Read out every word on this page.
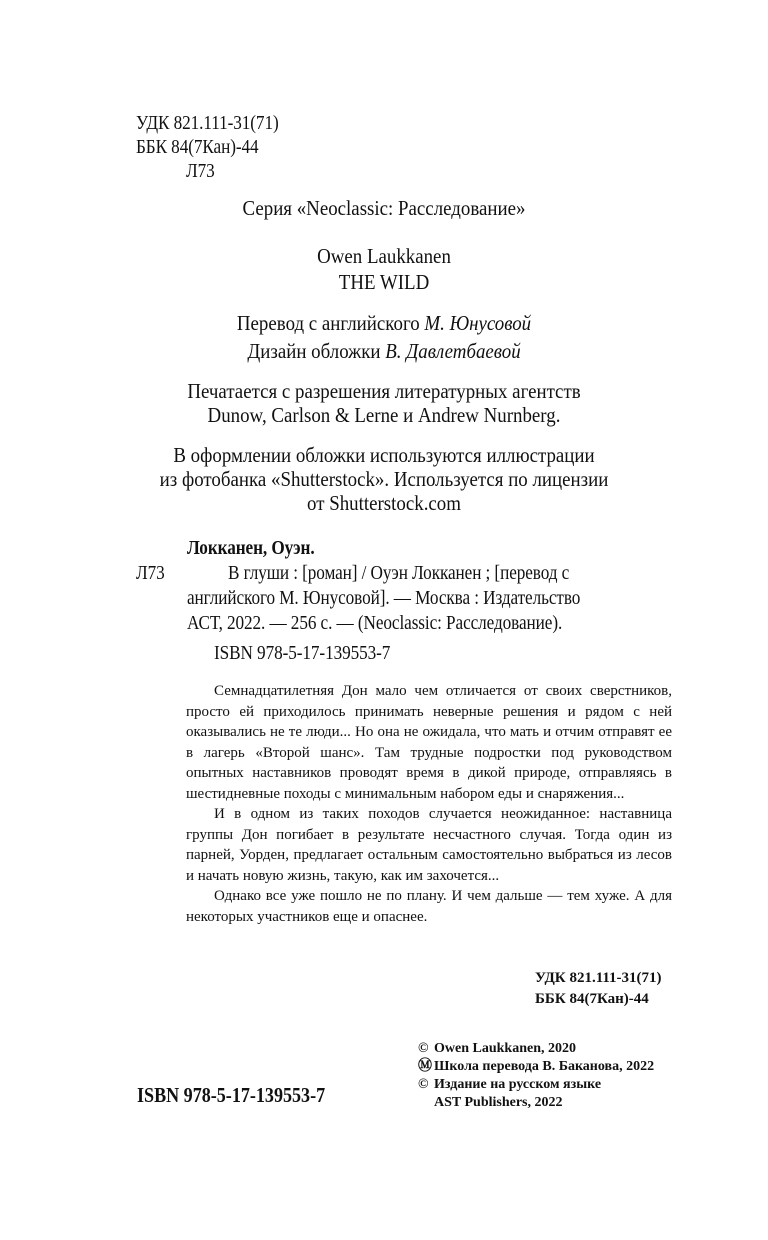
УДК 821.111-31(71)
ББК 84(7Кан)-44
Л73
Серия «Neoclassic: Расследование»
Owen Laukkanen
THE WILD
Перевод с английского М. Юнусовой
Дизайн обложки В. Давлетбаевой
Печатается с разрешения литературных агентств
Dunow, Carlson & Lerne и Andrew Nurnberg.
В оформлении обложки используются иллюстрации
из фотобанка «Shutterstock». Используется по лицензии
от Shutterstock.com
Локканен, Оуэн.
Л73	В глуши : [роман] / Оуэн Локканен ; [перевод с
английского М. Юнусовой]. — Москва : Издательство
АСТ, 2022. — 256 с. — (Neoclassic: Расследование).
ISBN 978-5-17-139553-7

Семнадцатилетняя Дон мало чем отличается от своих сверстников, просто ей приходилось принимать неверные решения и рядом с ней оказывались не те люди... Но она не ожидала, что мать и отчим отправят ее в лагерь «Второй шанс». Там трудные подростки под руководством опытных наставников проводят время в дикой природе, отправляясь в шестидневные походы с минимальным набором еды и снаряжения...

И в одном из таких походов случается неожиданное: наставница группы Дон погибает в результате несчастного случая. Тогда один из парней, Уорден, предлагает остальным самостоятельно выбраться из лесов и начать новую жизнь, такую, как им захочется...

Однако все уже пошло не по плану. И чем дальше — тем хуже. А для некоторых участников еще и опаснее.

УДК 821.111-31(71)
ББК 84(7Кан)-44
© Owen Laukkanen, 2020
Ⓜ Школа перевода В. Баканова, 2022
© Издание на русском языке
AST Publishers, 2022
ISBN 978-5-17-139553-7
